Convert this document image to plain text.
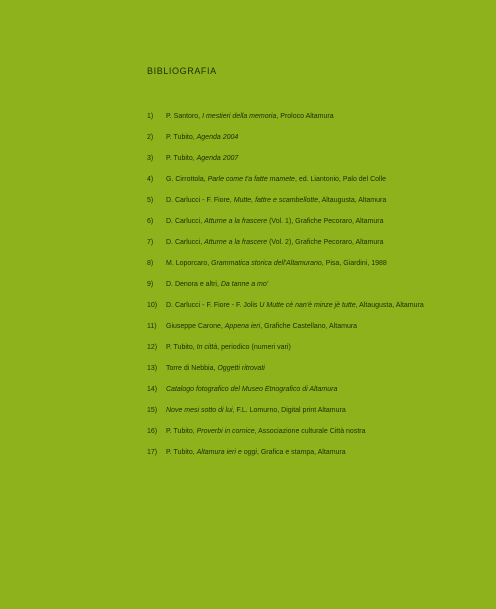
BIBLIOGRAFIA
1)	P. Santoro, I mestieri della memoria, Proloco Altamura
2)	P. Tubito, Agenda 2004
3)	P. Tubito, Agenda 2007
4)	G. Cirrottola, Parle come t'a fatte mamete, ed. Liantonio, Palo del Colle
5)	D. Carlucci - F. Fiore, Mutte, fattre e scambellotte, Altaugusta, Altamura
6)	D. Carlucci, Atturne a la frascere (Vol. 1), Grafiche Pecoraro, Altamura
7)	D. Carlucci, Atturne a la frascere (Vol. 2), Grafiche Pecoraro, Altamura
8)	M. Loporcaro, Grammatica storica dell'Altamurano, Pisa, Giardini, 1988
9)	D. Denora e altri, Da tanne a mo'
10)	D. Carlucci - F. Fiore - F. Jolis U Mutte cè nan'è minze jè tutte, Altaugusta, Altamura
11)	Giuseppe Carone, Appena ieri, Grafiche Castellano, Altamura
12)	P. Tubito, In città, periodico (numeri vari)
13)	Torre di Nebbia, Oggetti ritrovati
14)	Catalogo fotografico del Museo Etnografico di Altamura
15)	Nove mesi sotto di lui, F.L. Lomurno, Digital print Altamura
16)	P. Tubito, Proverbi in cornice, Associazione culturale Città nostra
17)	P. Tubito, Altamura ieri e oggi, Grafica e stampa, Altamura
